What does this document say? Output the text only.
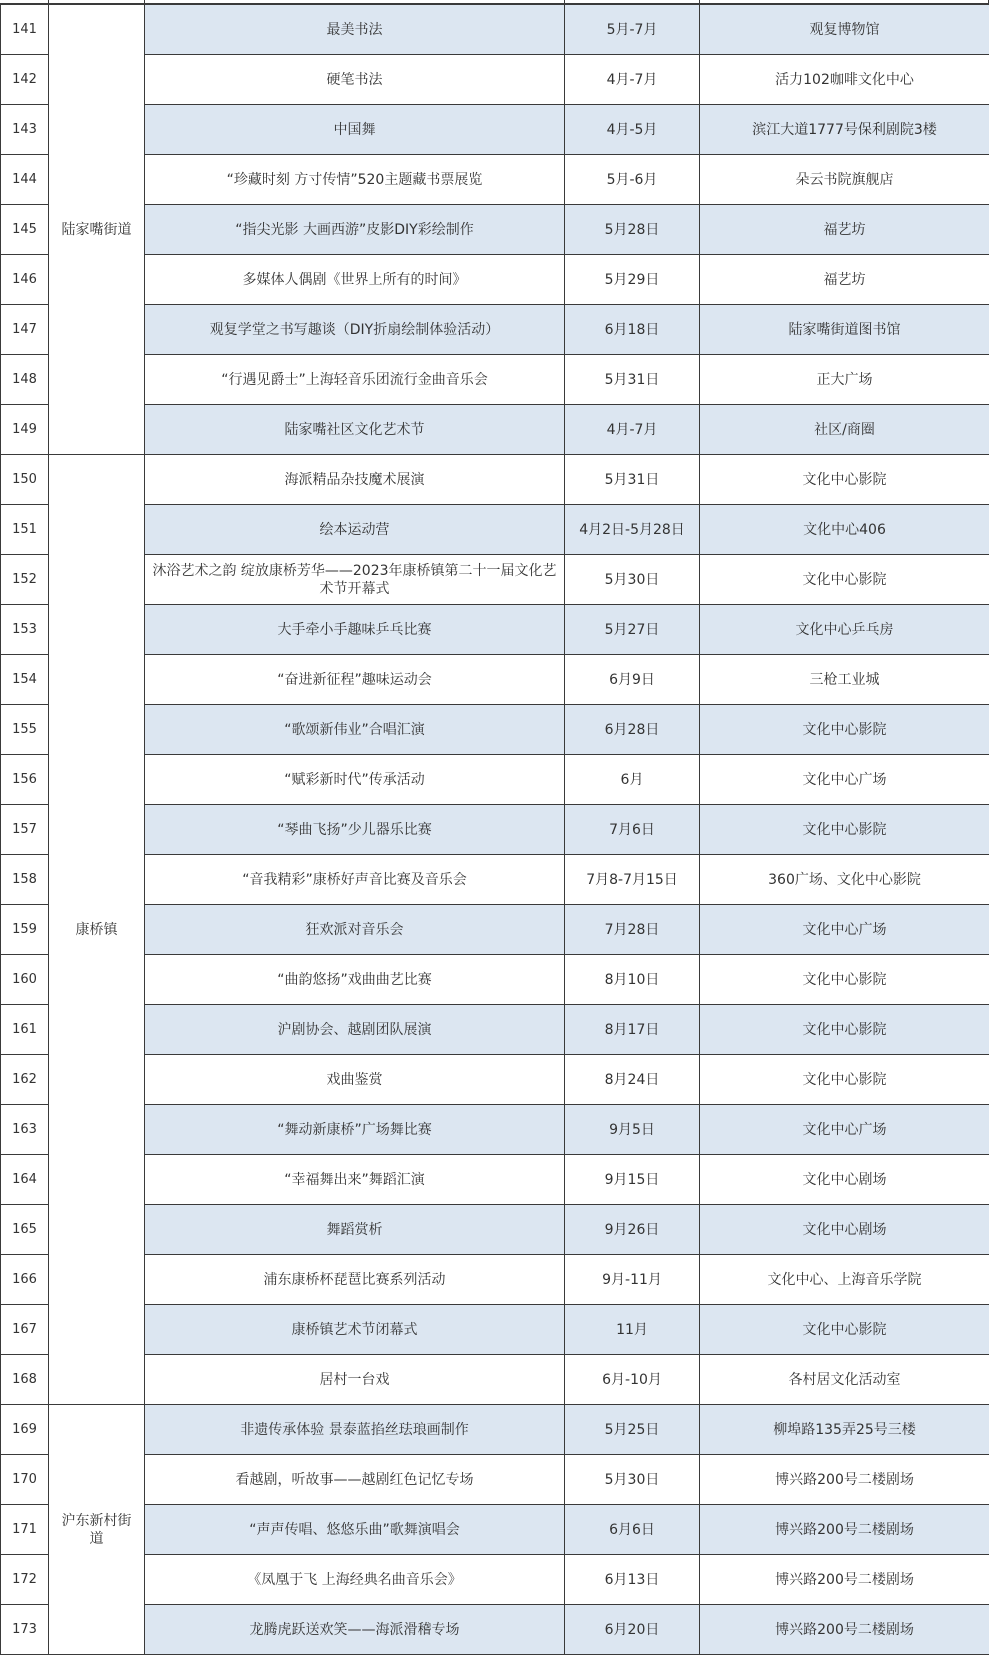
141	陆家嘴街道	最美书法	5月-7月	观复博物馆
142		硬笔书法	4月-7月	活力102咖啡文化中心
143		中国舞	4月-5月	滨江大道1777号保利剧院3楼
144		“珍藏时刻 方寸传情”520主题藏书票展览	5月-6月	朵云书院旗舰店
145		“指尖光影 大画西游”皮影DIY彩绘制作	5月28日	福艺坊
146		多媒体人偶剧《世界上所有的时间》	5月29日	福艺坊
147		观复学堂之书写趣谈（DIY折扇绘制体验活动）	6月18日	陆家嘴街道图书馆
148		“行遇见爵士”上海轻音乐团流行金曲音乐会	5月31日	正大广场
149		陆家嘴社区文化艺术节	4月-7月	社区/商圈
150	康桥镇	海派精品杂技魔术展演	5月31日	文化中心影院
151		绘本运动营	4月2日-5月28日	文化中心406
152		沐浴艺术之韵 绽放康桥芳华——2023年康桥镇第二十一届文化艺术节开幕式	5月30日	文化中心影院
153		大手牵小手趣味乒乓比赛	5月27日	文化中心乒乓房
154		“奋进新征程”趣味运动会	6月9日	三枪工业城
155		“歌颂新伟业”合唱汇演	6月28日	文化中心影院
156		“赋彩新时代”传承活动	6月	文化中心广场
157		“琴曲飞扬”少儿器乐比赛	7月6日	文化中心影院
158		“音我精彩”康桥好声音比赛及音乐会	7月8-7月15日	360广场、文化中心影院
159		狂欢派对音乐会	7月28日	文化中心广场
160		“曲韵悠扬”戏曲曲艺比赛	8月10日	文化中心影院
161		沪剧协会、越剧团队展演	8月17日	文化中心影院
162		戏曲鉴赏	8月24日	文化中心影院
163		“舞动新康桥”广场舞比赛	9月5日	文化中心广场
164		“幸福舞出来”舞蹈汇演	9月15日	文化中心剧场
165		舞蹈赏析	9月26日	文化中心剧场
166		浦东康桥杯琵琶比赛系列活动	9月-11月	文化中心、上海音乐学院
167		康桥镇艺术节闭幕式	11月	文化中心影院
168		居村一台戏	6月-10月	各村居文化活动室
169	沪东新村街道	非遗传承体验 景泰蓝掐丝珐琅画制作	5月25日	柳埠路135弄25号三楼
170		看越剧，听故事——越剧红色记忆专场	5月30日	博兴路200号二楼剧场
171		“声声传唱、悠悠乐曲”歌舞演唱会	6月6日	博兴路200号二楼剧场
172		《凤凰于飞 上海经典名曲音乐会》	6月13日	博兴路200号二楼剧场
173		龙腾虎跃送欢笑——海派滑稽专场	6月20日	博兴路200号二楼剧场
